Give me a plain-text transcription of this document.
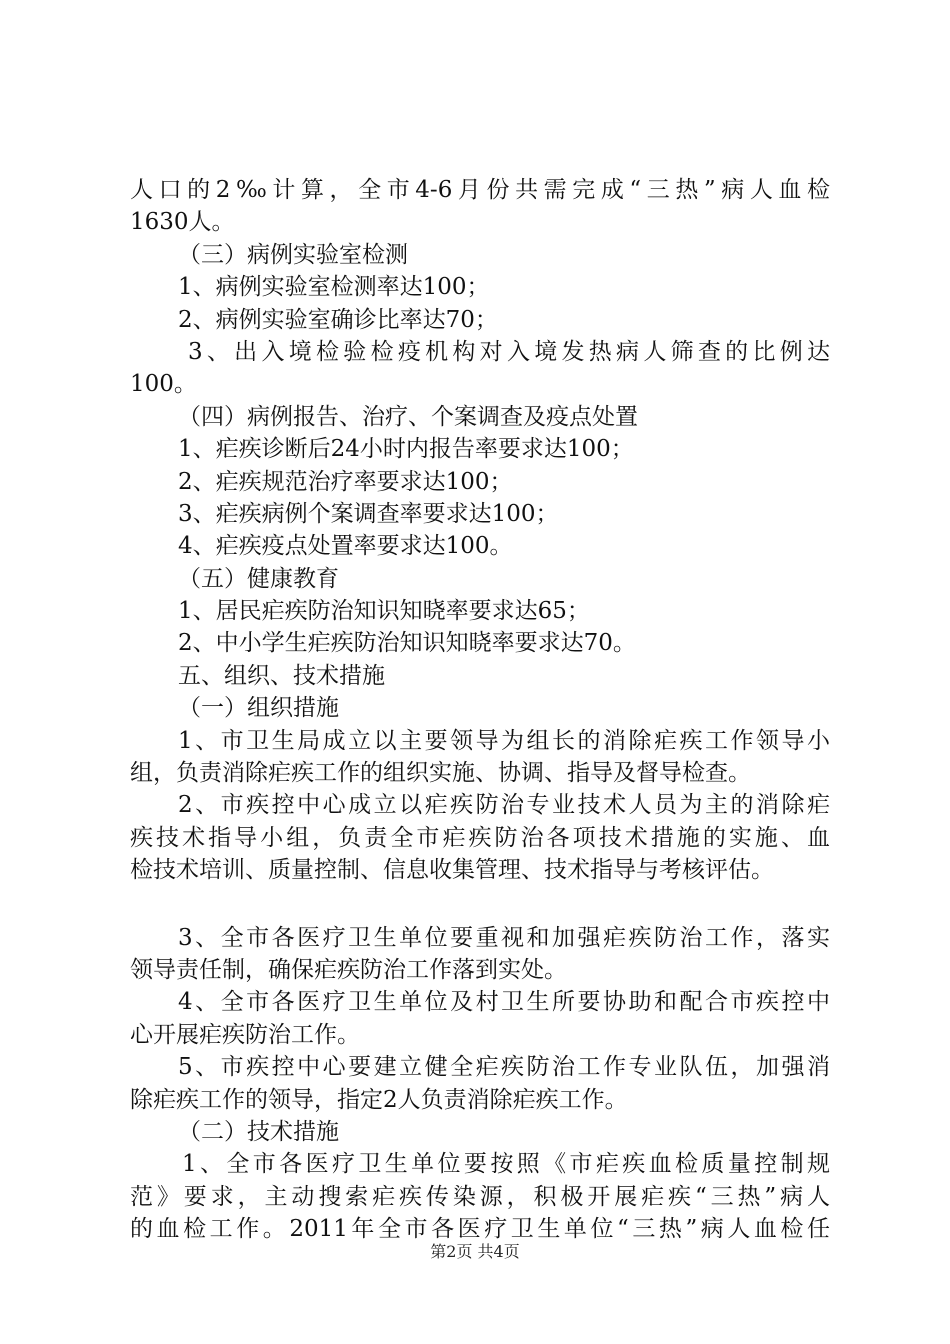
人口的2‰计算，全市4-6月份共需完成“三热”病人血检
1630人。
（三）病例实验室检测
1、病例实验室检测率达100；
2、病例实验室确诊比率达70；
3、出入境检验检疫机构对入境发热病人筛查的比例达
100。
（四）病例报告、治疗、个案调查及疫点处置
1、疟疾诊断后24小时内报告率要求达100；
2、疟疾规范治疗率要求达100；
3、疟疾病例个案调查率要求达100；
4、疟疾疫点处置率要求达100。
（五）健康教育
1、居民疟疾防治知识知晓率要求达65；
2、中小学生疟疾防治知识知晓率要求达70。
五、组织、技术措施
（一）组织措施
1、市卫生局成立以主要领导为组长的消除疟疾工作领导小
组，负责消除疟疾工作的组织实施、协调、指导及督导检查。
2、市疾控中心成立以疟疾防治专业技术人员为主的消除疟
疾技术指导小组，负责全市疟疾防治各项技术措施的实施、血
检技术培训、质量控制、信息收集管理、技术指导与考核评估。
3、全市各医疗卫生单位要重视和加强疟疾防治工作，落实
领导责任制，确保疟疾防治工作落到实处。
4、全市各医疗卫生单位及村卫生所要协助和配合市疾控中
心开展疟疾防治工作。
5、市疾控中心要建立健全疟疾防治工作专业队伍，加强消
除疟疾工作的领导，指定2人负责消除疟疾工作。
（二）技术措施
1、全市各医疗卫生单位要按照《市疟疾血检质量控制规
范》要求，主动搜索疟疾传染源，积极开展疟疾“三热”病人
的血检工作。2011年全市各医疗卫生单位“三热”病人血检任
第2页 共4页
